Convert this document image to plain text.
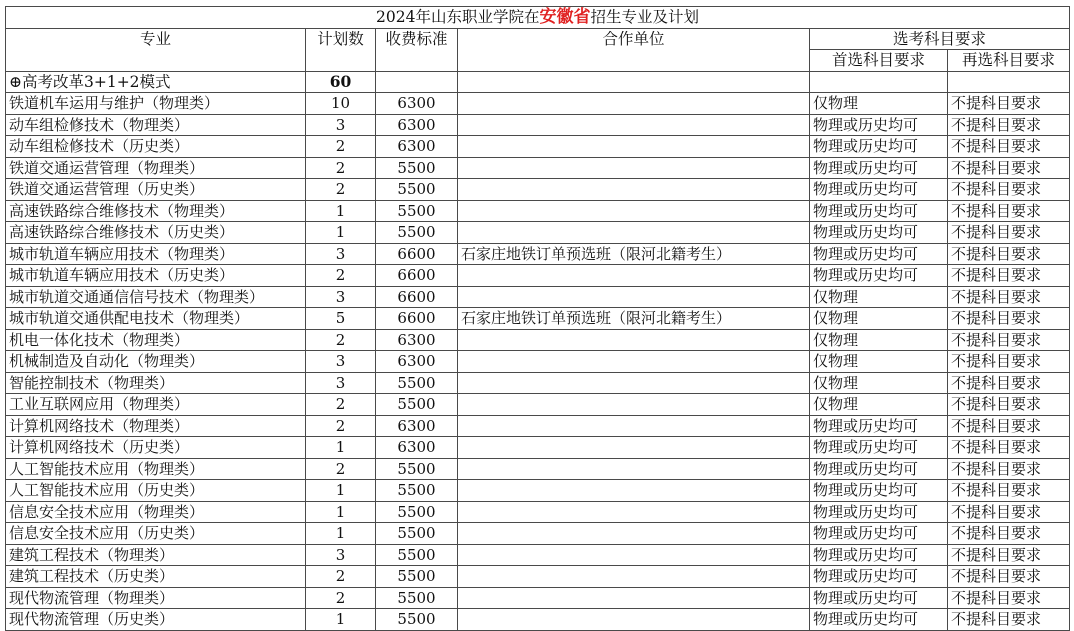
2024年山东职业学院在安徽省招生专业及计划					
专业	计划数	收费标准	合作单位	选考科目要求	
				首选科目要求	再选科目要求
⊕高考改革3+1+2模式	60				
铁道机车运用与维护（物理类）	10	6300		仅物理	不提科目要求
动车组检修技术（物理类）	3	6300		物理或历史均可	不提科目要求
动车组检修技术（历史类）	2	6300		物理或历史均可	不提科目要求
铁道交通运营管理（物理类）	2	5500		物理或历史均可	不提科目要求
铁道交通运营管理（历史类）	2	5500		物理或历史均可	不提科目要求
高速铁路综合维修技术（物理类）	1	5500		物理或历史均可	不提科目要求
高速铁路综合维修技术（历史类）	1	5500		物理或历史均可	不提科目要求
城市轨道车辆应用技术（物理类）	3	6600	石家庄地铁订单预选班（限河北籍考生）	物理或历史均可	不提科目要求
城市轨道车辆应用技术（历史类）	2	6600		物理或历史均可	不提科目要求
城市轨道交通通信信号技术（物理类）	3	6600		仅物理	不提科目要求
城市轨道交通供配电技术（物理类）	5	6600	石家庄地铁订单预选班（限河北籍考生）	仅物理	不提科目要求
机电一体化技术（物理类）	2	6300		仅物理	不提科目要求
机械制造及自动化（物理类）	3	6300		仅物理	不提科目要求
智能控制技术（物理类）	3	5500		仅物理	不提科目要求
工业互联网应用（物理类）	2	5500		仅物理	不提科目要求
计算机网络技术（物理类）	2	6300		物理或历史均可	不提科目要求
计算机网络技术（历史类）	1	6300		物理或历史均可	不提科目要求
人工智能技术应用（物理类）	2	5500		物理或历史均可	不提科目要求
人工智能技术应用（历史类）	1	5500		物理或历史均可	不提科目要求
信息安全技术应用（物理类）	1	5500		物理或历史均可	不提科目要求
信息安全技术应用（历史类）	1	5500		物理或历史均可	不提科目要求
建筑工程技术（物理类）	3	5500		物理或历史均可	不提科目要求
建筑工程技术（历史类）	2	5500		物理或历史均可	不提科目要求
现代物流管理（物理类）	2	5500		物理或历史均可	不提科目要求
现代物流管理（历史类）	1	5500		物理或历史均可	不提科目要求
